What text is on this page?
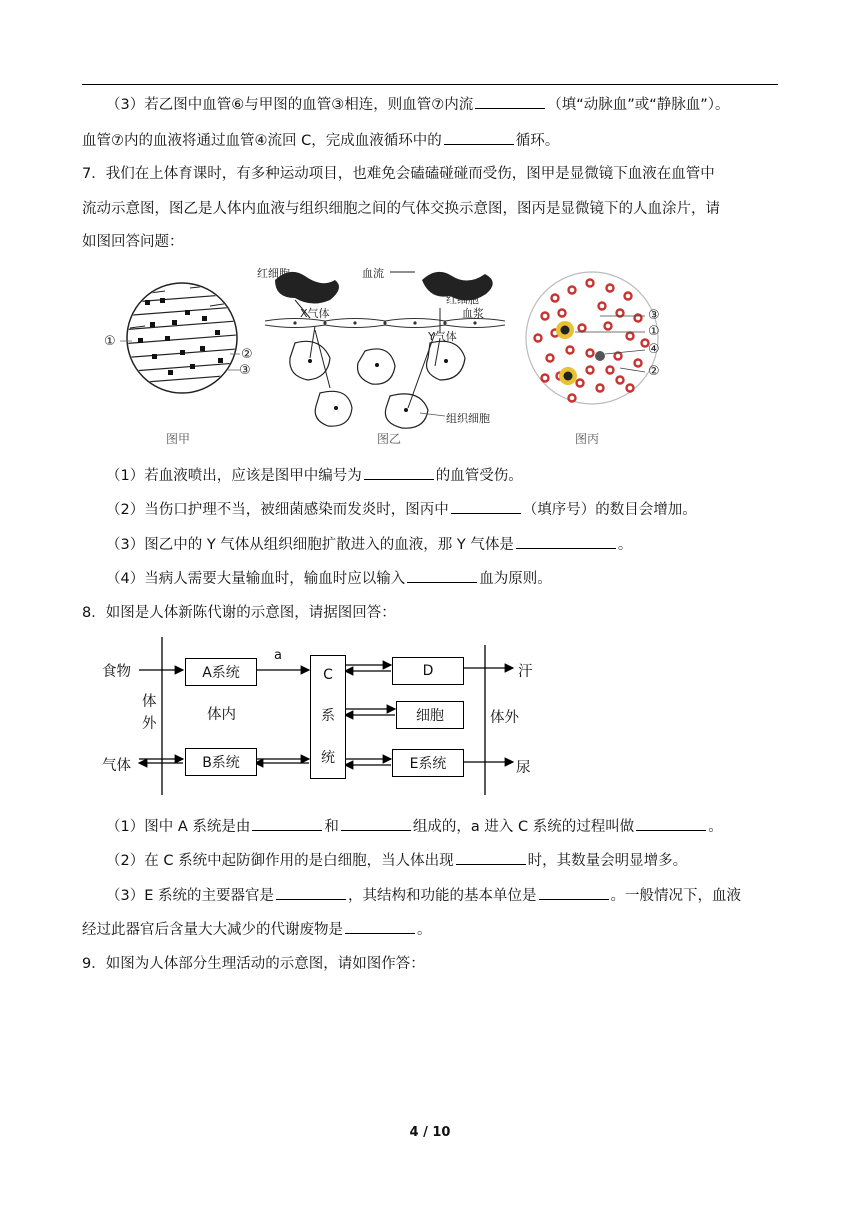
（3）若乙图中血管⑥与甲图的血管③相连，则血管⑦内流	（填“动脉血”或“静脉血”）。
血管⑦内的血液将通过血管④流回 C，完成血液循环中的	循环。
7．我们在上体育课时，有多种运动项目，也难免会磕磕碰碰而受伤，图甲是显微镜下血液在血管中
流动示意图，图乙是人体内血液与组织细胞之间的气体交换示意图，图丙是显微镜下的人血涂片，请
如图回答问题：
①
②
③
红细胞	血流
X气体
红细胞
血浆
Y气体
组织细胞
③
①
④
②
图甲	图乙	图丙
（1）若血液喷出，应该是图甲中编号为	的血管受伤。
（2）当伤口护理不当，被细菌感染而发炎时，图丙中	（填序号）的数目会增加。
（3）图乙中的 Y 气体从组织细胞扩散进入的血液，那 Y 气体是	。
（4）当病人需要大量输血时，输血时应以输入	血为原则。
8．如图是人体新陈代谢的示意图，请据图回答：
A系统
B系统
C
系
统
D
细胞
E系统
食物
气体
体
外
体内
a
体外
汗
尿
（1）图中 A 系统是由	和	组成的，a 进入 C 系统的过程叫做	。
（2）在 C 系统中起防御作用的是白细胞，当人体出现	时，其数量会明显增多。
（3）E 系统的主要器官是	，其结构和功能的基本单位是	。一般情况下，血液
经过此器官后含量大大减少的代谢废物是	。
9．如图为人体部分生理活动的示意图，请如图作答：
4 / 10
